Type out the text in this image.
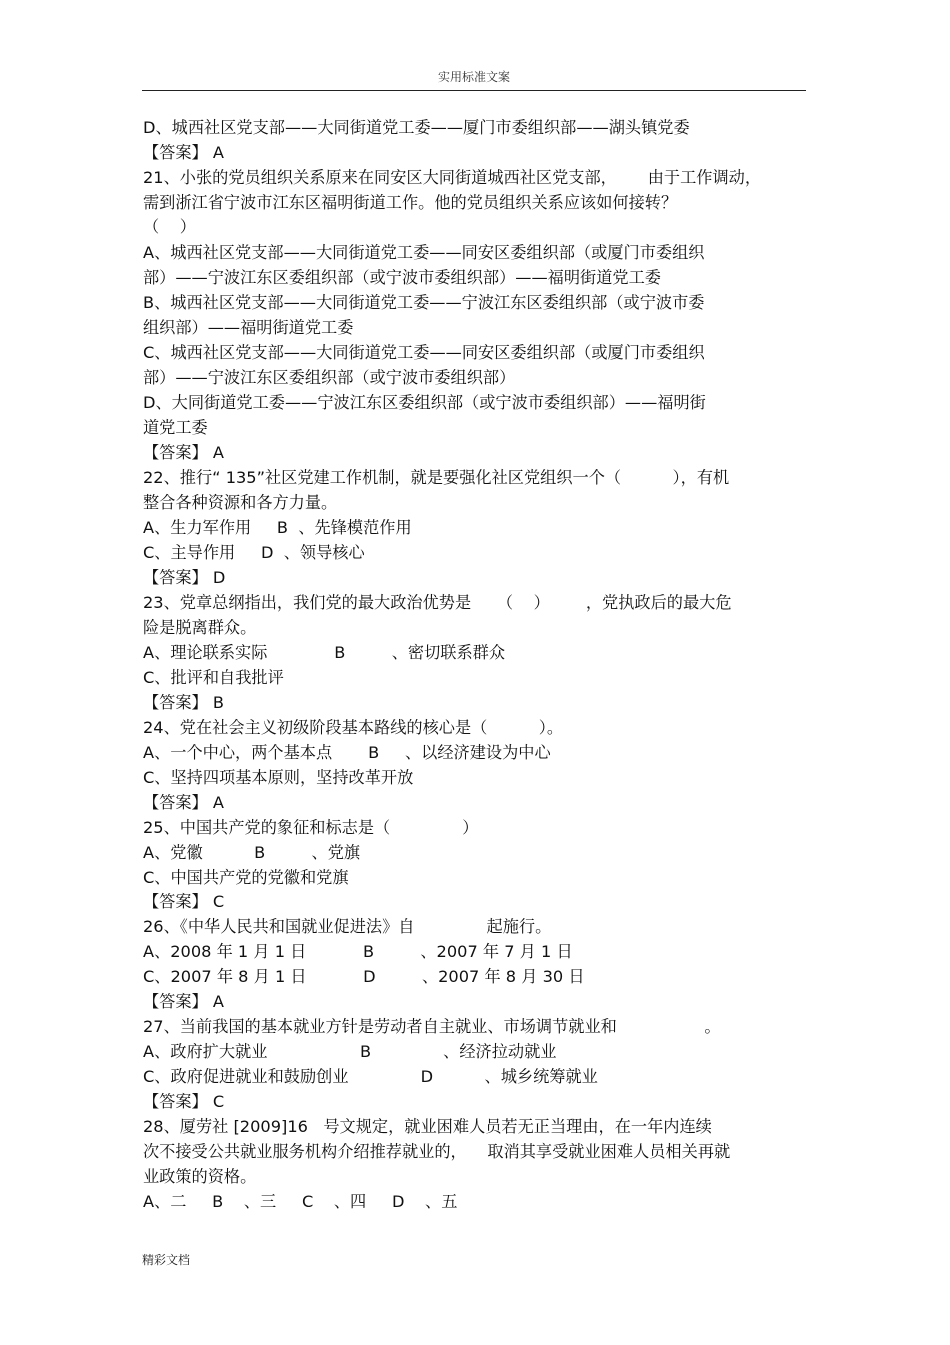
实用标准文案
D、城西社区党支部——大同街道党工委——厦门市委组织部——湖头镇党委
【答案】 A
21、小张的党员组织关系原来在同安区大同街道城西社区党支部，      由于工作调动，
需到浙江省宁波市江东区福明街道工作。他的党员组织关系应该如何接转？
（    ）
A、城西社区党支部——大同街道党工委——同安区委组织部（或厦门市委组织
部）——宁波江东区委组织部（或宁波市委组织部）——福明街道党工委
B、城西社区党支部——大同街道党工委——宁波江东区委组织部（或宁波市委
组织部）——福明街道党工委
C、城西社区党支部——大同街道党工委——同安区委组织部（或厦门市委组织
部）——宁波江东区委组织部（或宁波市委组织部）
D、大同街道党工委——宁波江东区委组织部（或宁波市委组织部）——福明街
道党工委
【答案】 A
22、推行“ 135”社区党建工作机制，就是要强化社区党组织一个（          ），有机
整合各种资源和各方力量。
A、生力军作用     B  、先锋模范作用
C、主导作用     D  、领导核心
【答案】 D
23、党章总纲指出，我们党的最大政治优势是     （    ）       ，党执政后的最大危
险是脱离群众。
A、理论联系实际             B         、密切联系群众
C、批评和自我批评
【答案】 B
24、党在社会主义初级阶段基本路线的核心是（          ）。
A、一个中心，两个基本点       B     、以经济建设为中心
C、坚持四项基本原则，坚持改革开放
【答案】 A
25、中国共产党的象征和标志是（              ）
A、党徽          B         、党旗
C、中国共产党的党徽和党旗
【答案】 C
26、《中华人民共和国就业促进法》自              起施行。
A、2008 年 1 月 1 日           B         、2007 年 7 月 1 日
C、2007 年 8 月 1 日           D         、2007 年 8 月 30 日
【答案】 A
27、当前我国的基本就业方针是劳动者自主就业、市场调节就业和                 。
A、政府扩大就业                  B              、经济拉动就业
C、政府促进就业和鼓励创业              D          、城乡统筹就业
【答案】 C
28、厦劳社 [2009]16   号文规定，就业困难人员若无正当理由，在一年内连续
次不接受公共就业服务机构介绍推荐就业的，    取消其享受就业困难人员相关再就
业政策的资格。
A、二     B    、三     C    、四     D    、五
精彩文档
